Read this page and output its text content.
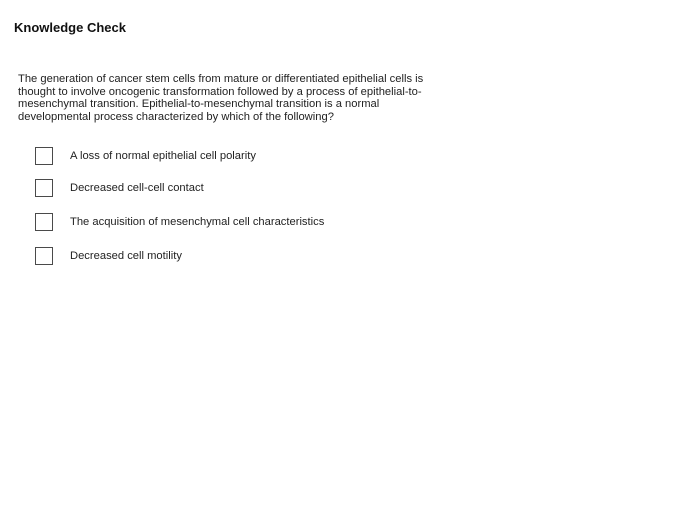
Knowledge Check
The generation of cancer stem cells from mature or differentiated epithelial cells is thought to involve oncogenic transformation followed by a process of epithelial-to-mesenchymal transition. Epithelial-to-mesenchymal transition is a normal developmental process characterized by which of the following?
A loss of normal epithelial cell polarity
Decreased cell-cell contact
The acquisition of mesenchymal cell characteristics
Decreased cell motility
